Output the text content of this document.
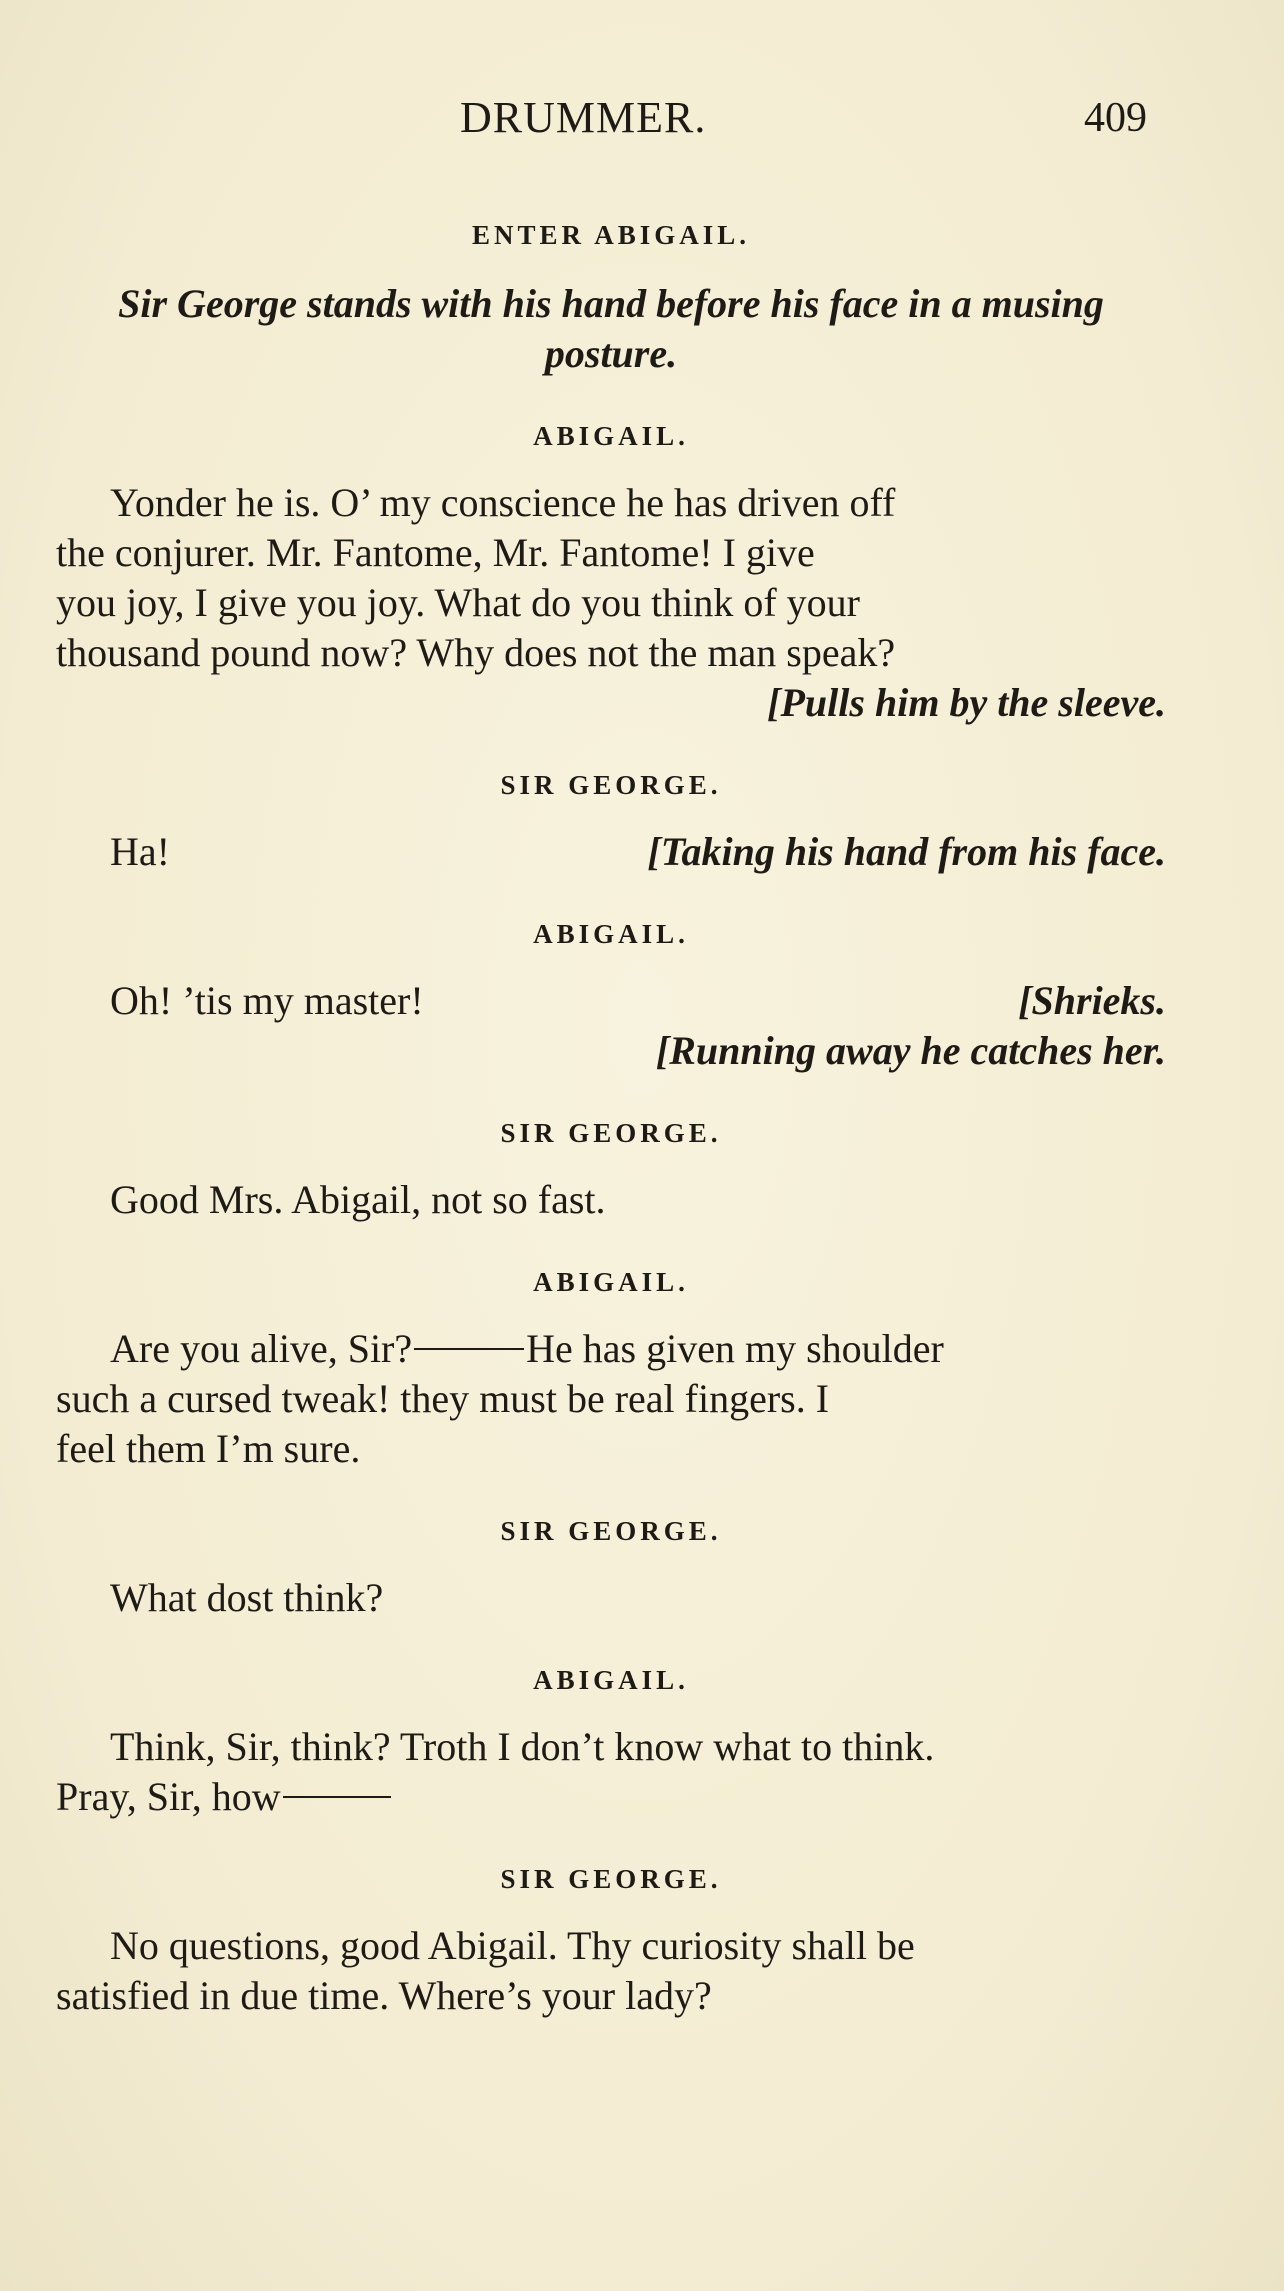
DRUMMER.	409

ENTER ABIGAIL.

Sir George stands with his hand before his face in a musing posture.

ABIGAIL.

Yonder he is. O’ my conscience he has driven off
the conjurer. Mr. Fantome, Mr. Fantome! I give
you joy, I give you joy. What do you think of your
thousand pound now? Why does not the man speak?

[Pulls him by the sleeve.

SIR GEORGE.

Ha!	[Taking his hand from his face.

ABIGAIL.

Oh! ’tis my master!	[Shrieks.

[Running away he catches her.

SIR GEORGE.

Good Mrs. Abigail, not so fast.

ABIGAIL.

Are you alive, Sir?	He has given my shoulder
such a cursed tweak! they must be real fingers. I
feel them I’m sure.

SIR GEORGE.

What dost think?

ABIGAIL.

Think, Sir, think? Troth I don’t know what to think.
Pray, Sir, how

SIR GEORGE.

No questions, good Abigail. Thy curiosity shall be
satisfied in due time. Where’s your lady?
